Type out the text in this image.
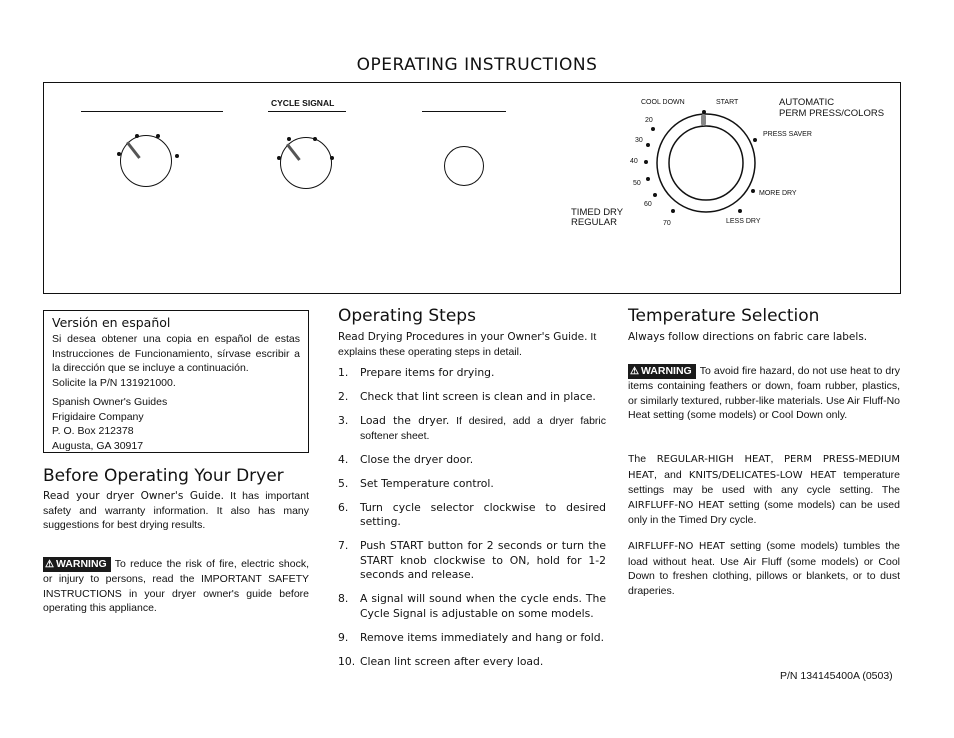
OPERATING INSTRUCTIONS
CYCLE SIGNAL	COOL DOWN	START	AUTOMATIC
PERM PRESS/COLORS
PRESS SAVER
MORE DRY
LESS DRY
TIMED DRY
REGULAR
20
30
40
50
60
70
Versión en español
Si desea obtener una copia en español de estas Instrucciones de Funcionamiento, sírvase escribir a la dirección que se incluye a continuación.
Solicite la P/N 131921000.

Spanish Owner's Guides

Frigidaire Company

P. O. Box 212378

Augusta, GA 30917

Before Operating Your Dryer
Read your dryer Owner's Guide. It has important safety and warranty information. It also has many suggestions for best drying results.
⚠ WARNING To reduce the risk of fire, electric shock, or injury to persons, read the IMPORTANT SAFETY INSTRUCTIONS in your dryer owner's guide before operating this appliance.
Operating Steps
Read Drying Procedures in your Owner's Guide. It explains these operating steps in detail.
1.	Prepare items for drying.
2.	Check that lint screen is clean and in place.
3.	Load the dryer. If desired, add a dryer fabric softener sheet.
4.	Close the dryer door.
5.	Set Temperature control.
6.	Turn cycle selector clockwise to desired setting.
7.	Push START button for 2 seconds or turn the START knob clockwise to ON, hold for 1-2 seconds and release.
8.	A signal will sound when the cycle ends. The Cycle Signal is adjustable on some models.
9.	Remove items immediately and hang or fold.
10. Clean lint screen after every load.
Temperature Selection
Always follow directions on fabric care labels.
⚠ WARNING To avoid fire hazard, do not use heat to dry items containing feathers or down, foam rubber, plastics, or similarly textured, rubber-like materials. Use Air Fluff-No Heat setting (some models) or Cool Down only.
The REGULAR-HIGH HEAT, PERM PRESS-MEDIUM HEAT, and KNITS/DELICATES-LOW HEAT temperature settings may be used with any cycle setting. The AIRFLUFF-NO HEAT setting (some models) can be used only in the Timed Dry cycle.
AIRFLUFF-NO HEAT setting (some models) tumbles the load without heat. Use Air Fluff (some models) or Cool Down to freshen clothing, pillows or blankets, or to dust draperies.
P/N 134145400A (0503)
